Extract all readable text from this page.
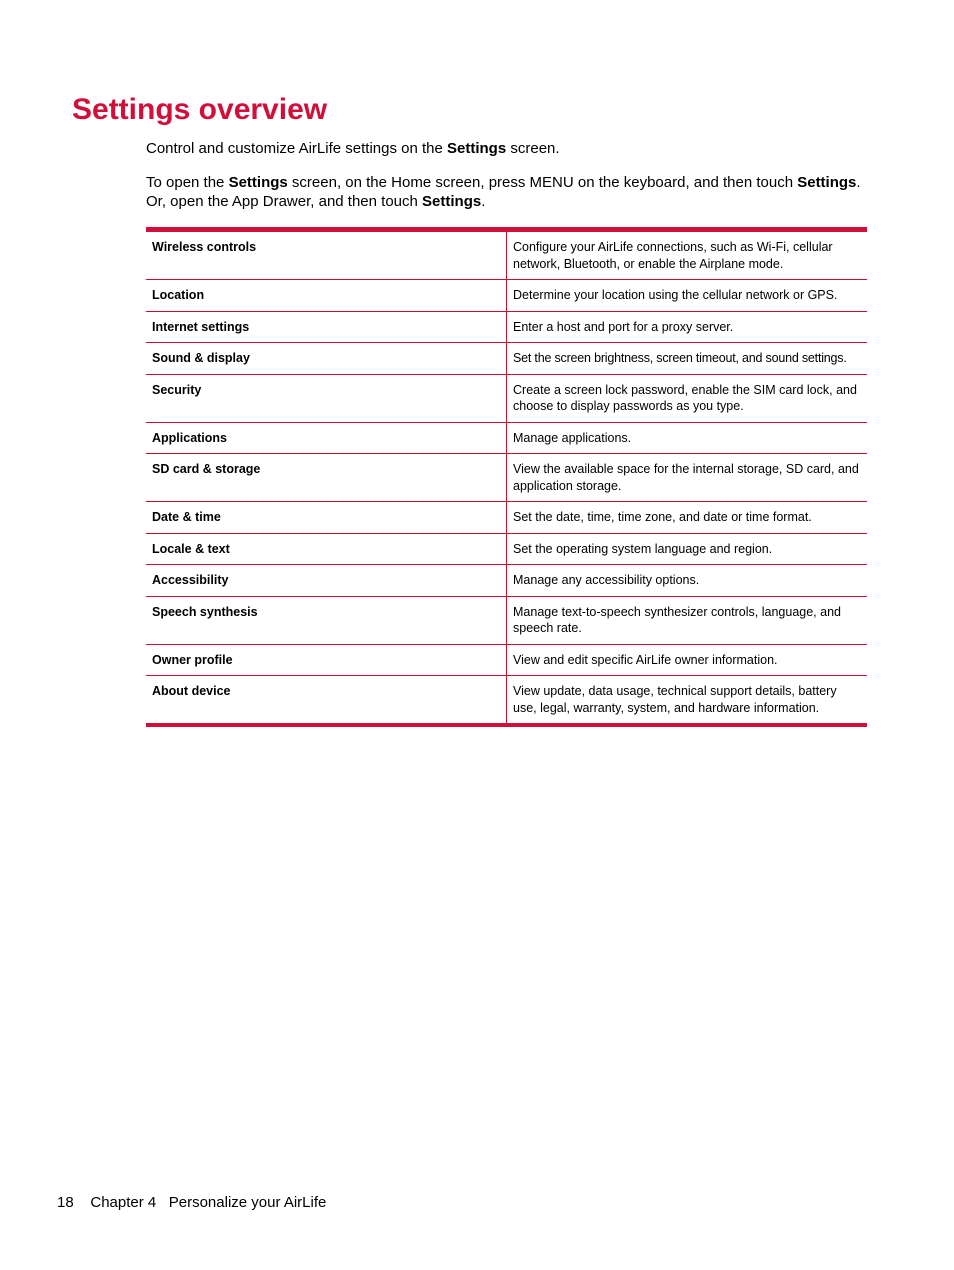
Settings overview

Control and customize AirLife settings on the Settings screen.

To open the Settings screen, on the Home screen, press MENU on the keyboard, and then touch Settings. Or, open the App Drawer, and then touch Settings.

Wireless controls	Configure your AirLife connections, such as Wi-Fi, cellular network, Bluetooth, or enable the Airplane mode.
Location	Determine your location using the cellular network or GPS.
Internet settings	Enter a host and port for a proxy server.
Sound & display	Set the screen brightness, screen timeout, and sound settings.
Security	Create a screen lock password, enable the SIM card lock, and choose to display passwords as you type.
Applications	Manage applications.
SD card & storage	View the available space for the internal storage, SD card, and application storage.
Date & time	Set the date, time, time zone, and date or time format.
Locale & text	Set the operating system language and region.
Accessibility	Manage any accessibility options.
Speech synthesis	Manage text-to-speech synthesizer controls, language, and speech rate.
Owner profile	View and edit specific AirLife owner information.
About device	View update, data usage, technical support details, battery use, legal, warranty, system, and hardware information.
18 Chapter 4 Personalize your AirLife
